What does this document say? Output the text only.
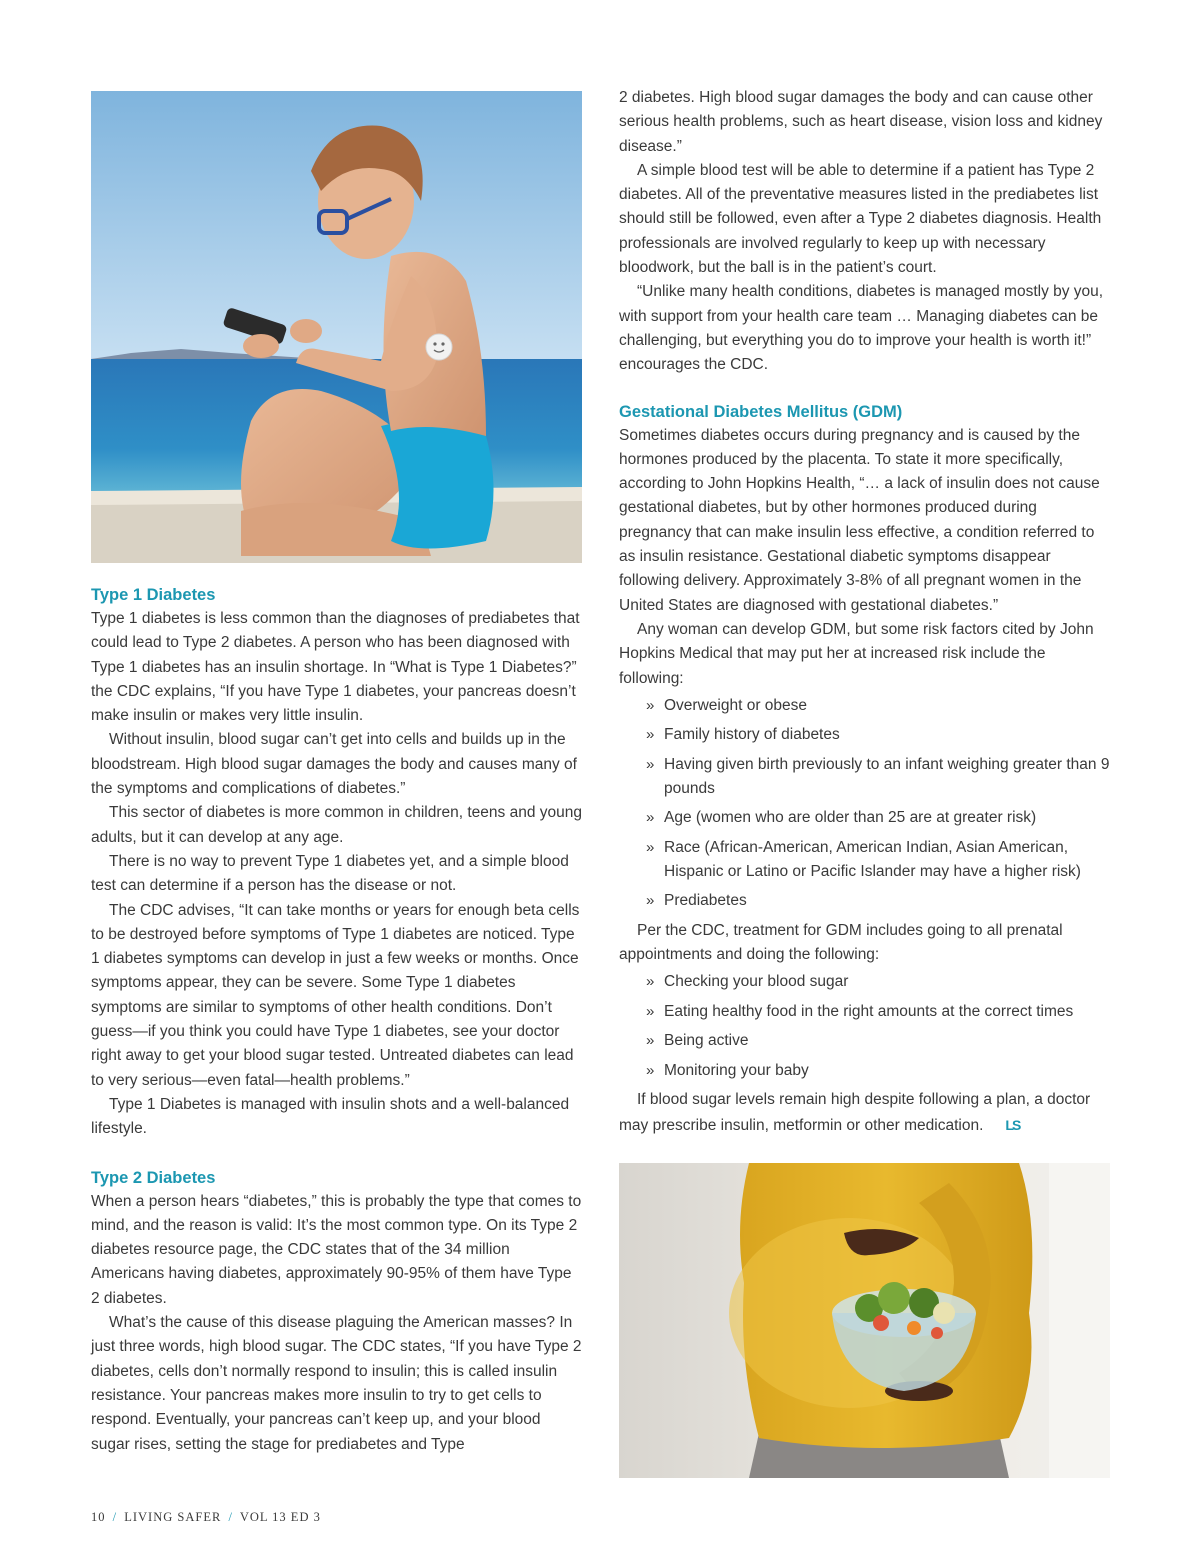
Type 1 Diabetes

Type 1 diabetes is less common than the diagnoses of prediabetes that could lead to Type 2 diabetes. A person who has been diagnosed with Type 1 diabetes has an insulin shortage. In “What is Type 1 Diabetes?” the CDC explains, “If you have Type 1 diabetes, your pancreas doesn’t make insulin or makes very little insulin.

Without insulin, blood sugar can’t get into cells and builds up in the bloodstream. High blood sugar damages the body and causes many of the symptoms and complications of diabetes.”

This sector of diabetes is more common in children, teens and young adults, but it can develop at any age.

There is no way to prevent Type 1 diabetes yet, and a simple blood test can determine if a person has the disease or not.

The CDC advises, “It can take months or years for enough beta cells to be destroyed before symptoms of Type 1 diabetes are noticed. Type 1 diabetes symptoms can develop in just a few weeks or months. Once symptoms appear, they can be severe. Some Type 1 diabetes symptoms are similar to symptoms of other health conditions. Don’t guess—if you think you could have Type 1 diabetes, see your doctor right away to get your blood sugar tested. Untreated diabetes can lead to very serious—even fatal—health problems.”

Type 1 Diabetes is managed with insulin shots and a well-balanced lifestyle.

Type 2 Diabetes

When a person hears “diabetes,” this is probably the type that comes to mind, and the reason is valid: It’s the most common type. On its Type 2 diabetes resource page, the CDC states that of the 34 million Americans having diabetes, approximately 90-95% of them have Type 2 diabetes.

What’s the cause of this disease plaguing the American masses? In just three words, high blood sugar. The CDC states, “If you have Type 2 diabetes, cells don’t normally respond to insulin; this is called insulin resistance. Your pancreas makes more insulin to try to get cells to respond. Eventually, your pancreas can’t keep up, and your blood sugar rises, setting the stage for prediabetes and Type

2 diabetes. High blood sugar damages the body and can cause other serious health problems, such as heart disease, vision loss and kidney disease.”

A simple blood test will be able to determine if a patient has Type 2 diabetes. All of the preventative measures listed in the prediabetes list should still be followed, even after a Type 2 diabetes diagnosis. Health professionals are involved regularly to keep up with necessary bloodwork, but the ball is in the patient’s court.

“Unlike many health conditions, diabetes is managed mostly by you, with support from your health care team … Managing diabetes can be challenging, but everything you do to improve your health is worth it!” encourages the CDC.

Gestational Diabetes Mellitus (GDM)

Sometimes diabetes occurs during pregnancy and is caused by the hormones produced by the placenta. To state it more specifically, according to John Hopkins Health, “… a lack of insulin does not cause gestational diabetes, but by other hormones produced during pregnancy that can make insulin less effective, a condition referred to as insulin resistance. Gestational diabetic symptoms disappear following delivery. Approximately 3-8% of all pregnant women in the United States are diagnosed with gestational diabetes.”

Any woman can develop GDM, but some risk factors cited by John Hopkins Medical that may put her at increased risk include the following:

» Overweight or obese
» Family history of diabetes
» Having given birth previously to an infant weighing greater than 9 pounds
» Age (women who are older than 25 are at greater risk)
» Race (African-American, American Indian, Asian American, Hispanic or Latino or Pacific Islander may have a higher risk)
» Prediabetes

Per the CDC, treatment for GDM includes going to all prenatal appointments and doing the following:

» Checking your blood sugar
» Eating healthy food in the right amounts at the correct times
» Being active
» Monitoring your baby

If blood sugar levels remain high despite following a plan, a doctor may prescribe insulin, metformin or other medication. LS

10 / LIVING SAFER / VOL 13 ED 3
